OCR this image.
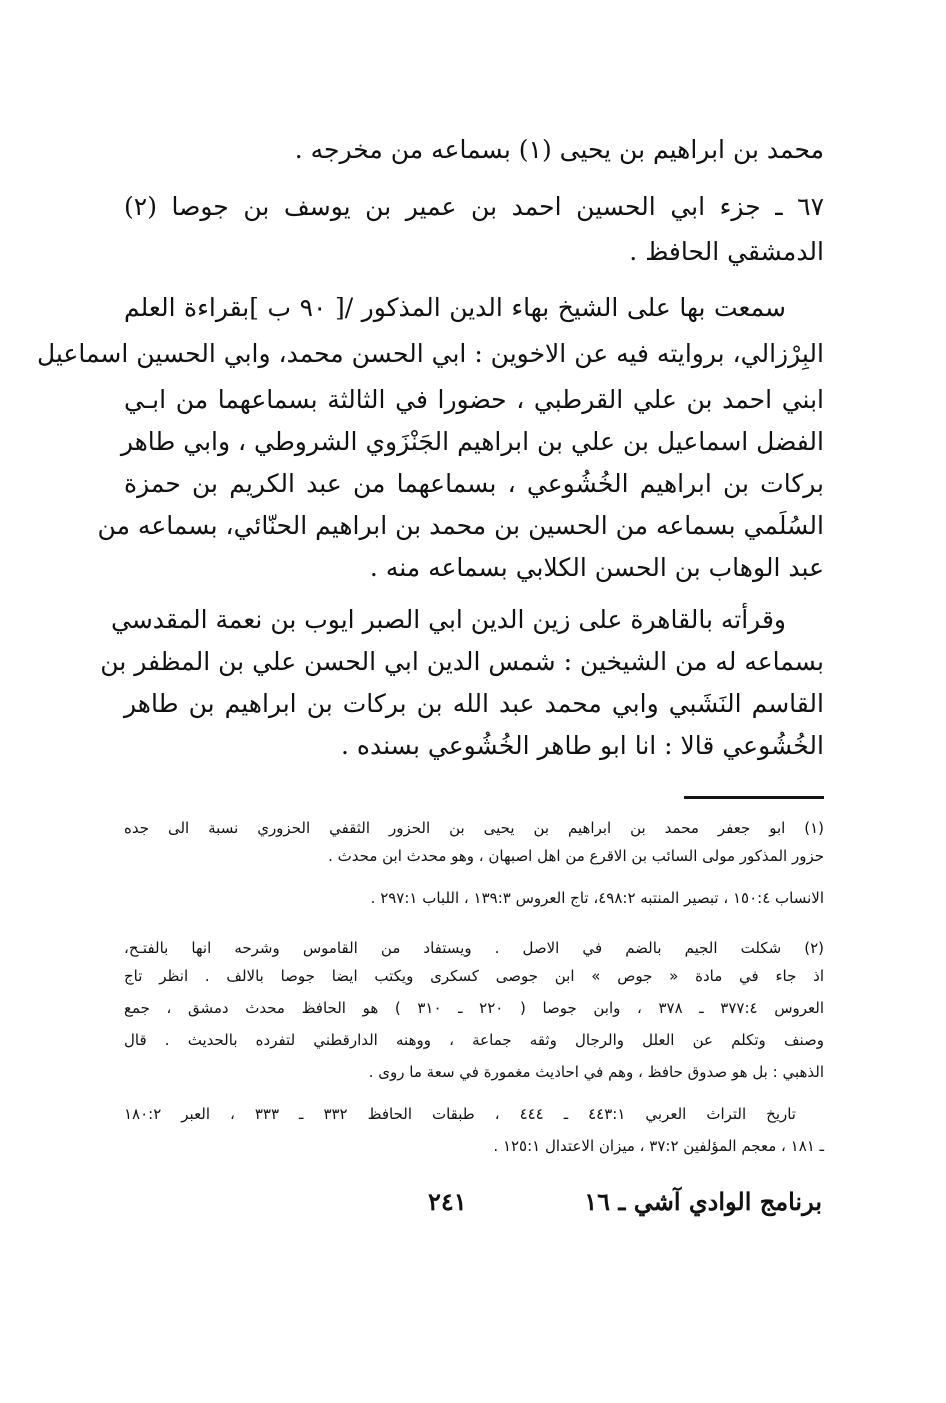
محمد بن ابراهيم بن يحيى (١) بسماعه من مخرجه .
٦٧ ـ جزء ابي الحسين احمد بن عمير بن يوسف بن جوصا (٢)
الدمشقي الحافظ .
سمعت بها على الشيخ بهاء الدين المذكور /[ ٩٠ ب ]بقراءة العلم
البِرْزالي، بروايته فيه عن الاخوين : ابي الحسن محمد، وابي الحسين اسماعيل
ابني احمد بن علي القرطبي ، حضورا في الثالثة بسماعهما من ابـي
الفضل اسماعيل بن علي بن ابراهيم الجَنْزَوي الشروطي ، وابي طاهر
بركات بن ابراهيم الخُشُوعي ، بسماعهما من عبد الكريم بن حمزة
السُلَمي بسماعه من الحسين بن محمد بن ابراهيم الحنّائي، بسماعه من
عبد الوهاب بن الحسن الكلابي بسماعه منه .
وقرأته بالقاهرة على زين الدين ابي الصبر ايوب بن نعمة المقدسي
بسماعه له من الشيخين : شمس الدين ابي الحسن علي بن المظفر بن
القاسم النَشَبي وابي محمد عبد الله بن بركات بن ابراهيم بن طاهر
الخُشُوعي قالا : انا ابو طاهر الخُشُوعي بسنده .
(١) ابو جعفر محمد بن ابراهيم بن يحيى بن الحزور الثقفي الحزوري نسبة الى جده
حزور المذكور مولى السائب بن الاقرع من اهل اصبهان ، وهو محدث ابن محدث .
الانساب ١٥٠:٤ ، تبصير المنتبه ٤٩٨:٢، تاج العروس ١٣٩:٣ ، اللباب ٢٩٧:١ .
(٢) شكلت الجيم بالضم في الاصل . ويستفاد من القاموس وشرحه انها بالفتـح،
اذ جاء في مادة « جوص » ابن جوصى كسكرى ويكتب ايضا جوصا بالالف . انظر تاج
العروس ٣٧٧:٤ ـ ٣٧٨ ، وابن جوصا ( ٢٢٠ ـ ٣١٠ ) هو الحافظ محدث دمشق ، جمع
وصنف وتكلم عن العلل والرجال وثقه جماعة ، ووهنه الدارقطني لتفرده بالحديث . قال
الذهبي : بل هو صدوق حافظ ، وهم في احاديث مغمورة في سعة ما روى .
تاريخ التراث العربي ٤٤٣:١ ـ ٤٤٤ ، طبقات الحافظ ٣٣٢ ـ ٣٣٣ ، العبر ١٨٠:٢
ـ ١٨١ ، معجم المؤلفين ٣٧:٢ ، ميزان الاعتدال ١٢٥:١ .
برنامج الوادي آشي ـ ١٦
٢٤١
